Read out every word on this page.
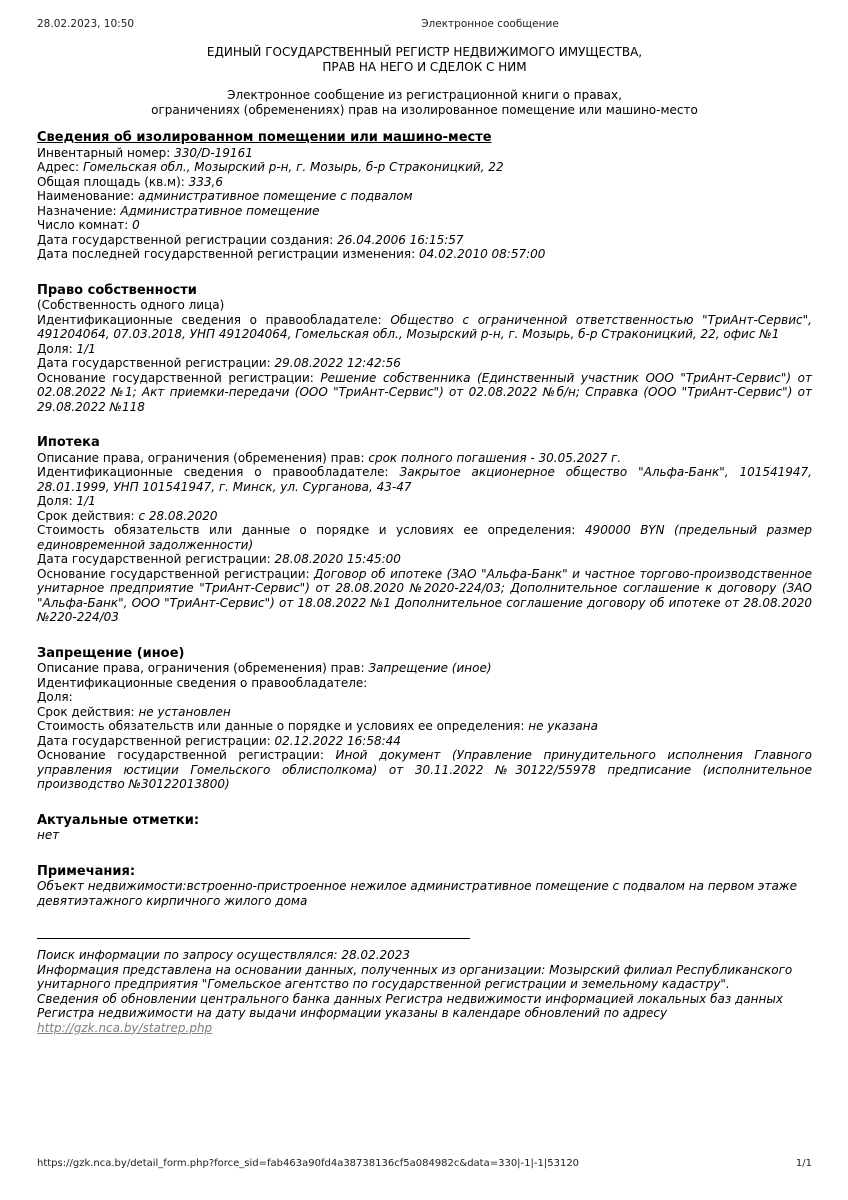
28.02.2023, 10:50	Электронное сообщение
ЕДИНЫЙ ГОСУДАРСТВЕННЫЙ РЕГИСТР НЕДВИЖИМОГО ИМУЩЕСТВА,
ПРАВ НА НЕГО И СДЕЛОК С НИМ
Электронное сообщение из регистрационной книги о правах,
ограничениях (обременениях) прав на изолированное помещение или машино-место
Сведения об изолированном помещении или машино-месте
Инвентарный номер: 330/D-19161
Адрес: Гомельская обл., Мозырский р-н, г. Мозырь, б-р Страконицкий, 22
Общая площадь (кв.м): 333,6
Наименование: административное помещение с подвалом
Назначение: Административное помещение
Число комнат: 0
Дата государственной регистрации создания: 26.04.2006 16:15:57
Дата последней государственной регистрации изменения: 04.02.2010 08:57:00
Право собственности
(Собственность одного лица)
Идентификационные сведения о правообладателе: Общество с ограниченной ответственностью "ТриАнт-Сервис", 491204064, 07.03.2018, УНП 491204064, Гомельская обл., Мозырский р-н, г. Мозырь, б-р Страконицкий, 22, офис №1
Доля: 1/1
Дата государственной регистрации: 29.08.2022 12:42:56
Основание государственной регистрации: Решение собственника (Единственный участник ООО "ТриАнт-Сервис") от 02.08.2022 №1; Акт приемки-передачи (ООО "ТриАнт-Сервис") от 02.08.2022 №б/н; Справка (ООО "ТриАнт-Сервис") от 29.08.2022 №118
Ипотека
Описание права, ограничения (обременения) прав: срок полного погашения - 30.05.2027 г.
Идентификационные сведения о правообладателе: Закрытое акционерное общество "Альфа-Банк", 101541947, 28.01.1999, УНП 101541947, г. Минск, ул. Сурганова, 43-47
Доля: 1/1
Срок действия: с 28.08.2020
Стоимость обязательств или данные о порядке и условиях ее определения: 490000 BYN (предельный размер единовременной задолженности)
Дата государственной регистрации: 28.08.2020 15:45:00
Основание государственной регистрации: Договор об ипотеке (ЗАО "Альфа-Банк" и частное торгово-производственное унитарное предприятие "ТриАнт-Сервис") от 28.08.2020 №2020-224/03; Дополнительное соглашение к договору (ЗАО "Альфа-Банк", ООО "ТриАнт-Сервис") от 18.08.2022 №1 Дополнительное соглашение договору об ипотеке от 28.08.2020 №220-224/03
Запрещение (иное)
Описание права, ограничения (обременения) прав: Запрещение (иное)
Идентификационные сведения о правообладателе:
Доля:
Срок действия: не установлен
Стоимость обязательств или данные о порядке и условиях ее определения: не указана
Дата государственной регистрации: 02.12.2022 16:58:44
Основание государственной регистрации: Иной документ (Управление принудительного исполнения Главного управления юстиции Гомельского облисполкома) от 30.11.2022 №30122/55978 предписание (исполнительное производство №30122013800)
Актуальные отметки:
нет
Примечания:
Объект недвижимости:встроенно-пристроенное нежилое административное помещение с подвалом на первом этаже девятиэтажного кирпичного жилого дома
Поиск информации по запросу осуществлялся: 28.02.2023
Информация представлена на основании данных, полученных из организации: Мозырский филиал Республиканского унитарного предприятия "Гомельское агентство по государственной регистрации и земельному кадастру".
Сведения об обновлении центрального банка данных Регистра недвижимости информацией локальных баз данных Регистра недвижимости на дату выдачи информации указаны в календаре обновлений по адресу
http://gzk.nca.by/statrep.php
https://gzk.nca.by/detail_form.php?force_sid=fab463a90fd4a38738136cf5a084982c&data=330|-1|-1|53120	1/1
